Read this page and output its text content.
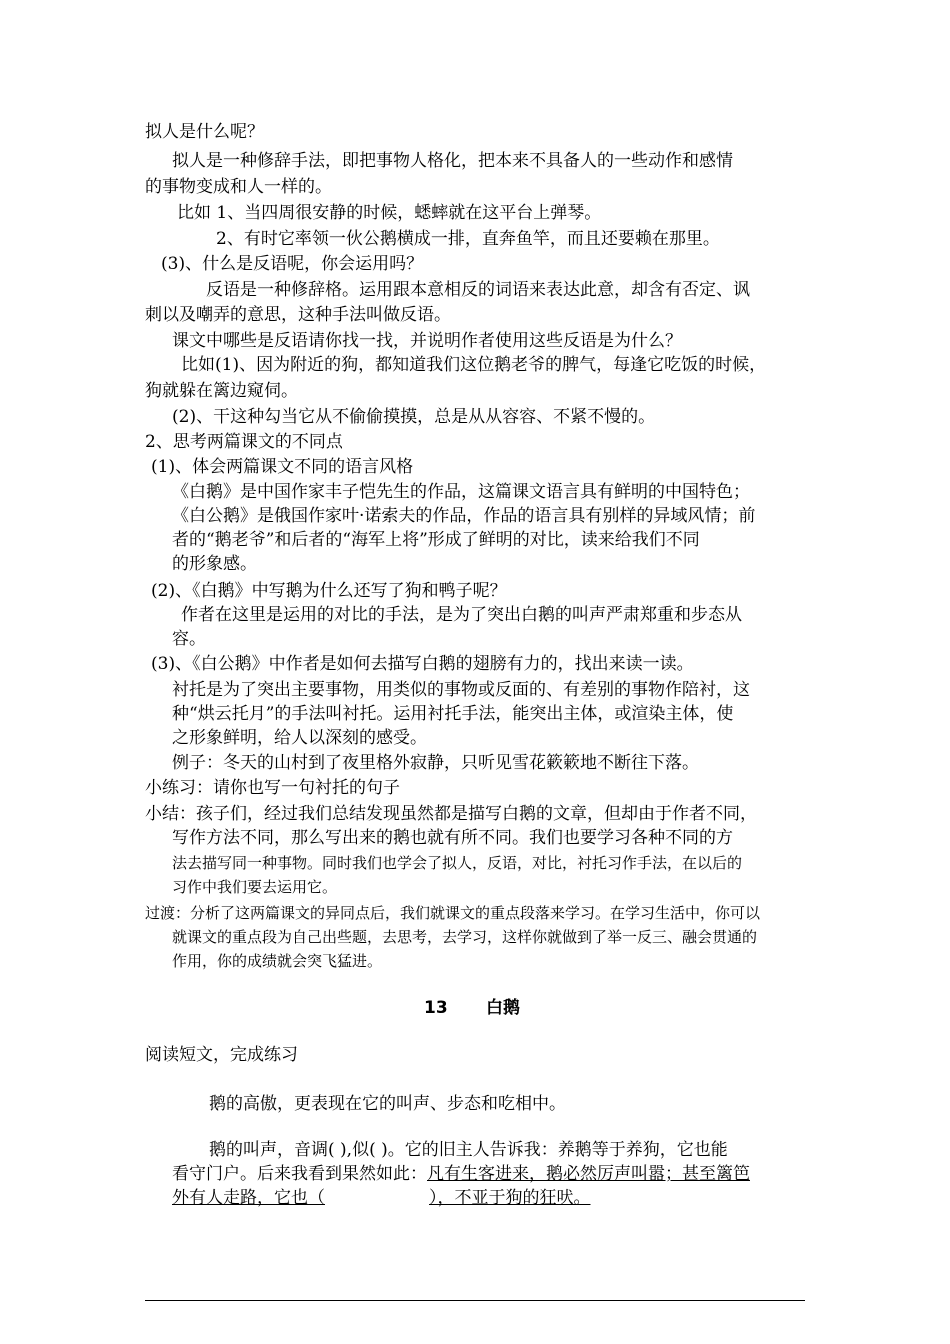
拟人是什么呢？
拟人是一种修辞手法，即把事物人格化，把本来不具备人的一些动作和感情
的事物变成和人一样的。
比如 1、当四周很安静的时候，蟋蟀就在这平台上弹琴。
2、有时它率领一伙公鹅横成一排，直奔鱼竿，而且还要赖在那里。
(3)、什么是反语呢，你会运用吗？
反语是一种修辞格。运用跟本意相反的词语来表达此意，却含有否定、讽
刺以及嘲弄的意思，这种手法叫做反语。
课文中哪些是反语请你找一找，并说明作者使用这些反语是为什么？
比如(1)、因为附近的狗，都知道我们这位鹅老爷的脾气，每逢它吃饭的时候，
狗就躲在篱边窥伺。
(2)、干这种勾当它从不偷偷摸摸，总是从从容容、不紧不慢的。
2、思考两篇课文的不同点
(1)、体会两篇课文不同的语言风格
《白鹅》是中国作家丰子恺先生的作品，这篇课文语言具有鲜明的中国特色；
《白公鹅》是俄国作家叶·诺索夫的作品，作品的语言具有别样的异域风情；前
者的“鹅老爷”和后者的“海军上将”形成了鲜明的对比，读来给我们不同
的形象感。
(2)、《白鹅》中写鹅为什么还写了狗和鸭子呢？
作者在这里是运用的对比的手法，是为了突出白鹅的叫声严肃郑重和步态从
容。
(3)、《白公鹅》中作者是如何去描写白鹅的翅膀有力的，找出来读一读。
衬托是为了突出主要事物，用类似的事物或反面的、有差别的事物作陪衬，这
种“烘云托月”的手法叫衬托。运用衬托手法，能突出主体，或渲染主体，使
之形象鲜明，给人以深刻的感受。
例子：冬天的山村到了夜里格外寂静，只听见雪花簌簌地不断往下落。
小练习：请你也写一句衬托的句子
小结：孩子们，经过我们总结发现虽然都是描写白鹅的文章，但却由于作者不同，
写作方法不同，那么写出来的鹅也就有所不同。我们也要学习各种不同的方
法去描写同一种事物。同时我们也学会了拟人，反语，对比，衬托习作手法，在以后的
习作中我们要去运用它。
过渡：分析了这两篇课文的异同点后，我们就课文的重点段落来学习。在学习生活中，你可以
就课文的重点段为自己出些题，去思考，去学习，这样你就做到了举一反三、融会贯通的
作用，你的成绩就会突飞猛进。
13 白鹅
阅读短文，完成练习
鹅的高傲，更表现在它的叫声、步态和吃相中。
鹅的叫声，音调( ),似( )。它的旧主人告诉我：养鹅等于养狗，它也能
看守门户。后来我看到果然如此：凡有生客进来，鹅必然厉声叫嚣；甚至篱笆
外有人走路，它也（	），不亚于狗的狂吠。
